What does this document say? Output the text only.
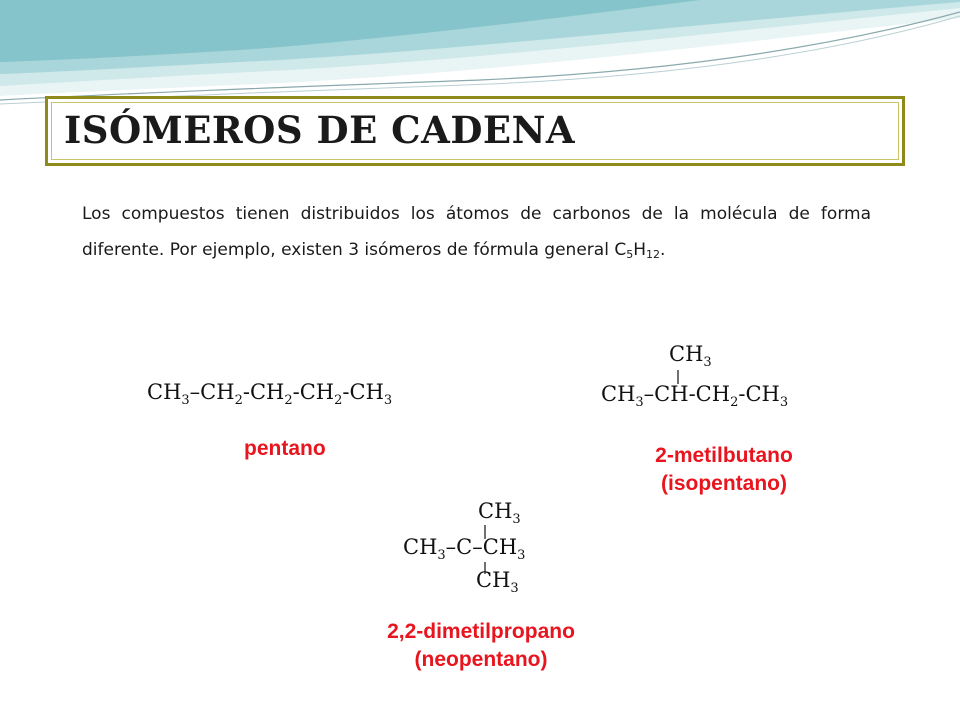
ISÓMEROS DE CADENA
Los compuestos tienen distribuidos los átomos de carbonos de la molécula de forma diferente. Por ejemplo, existen 3 isómeros de fórmula general $C_5H_{12}$.
$CH_3-CH_2-CH_2-CH_2-CH_3$
pentano
$CH_3$
$CH_3-CH-CH_2-CH_3$
2-metilbutano
(isopentano)
$CH_3$
$CH_3-C-CH_3$
$CH_3$
2,2-dimetilpropano
(neopentano)
